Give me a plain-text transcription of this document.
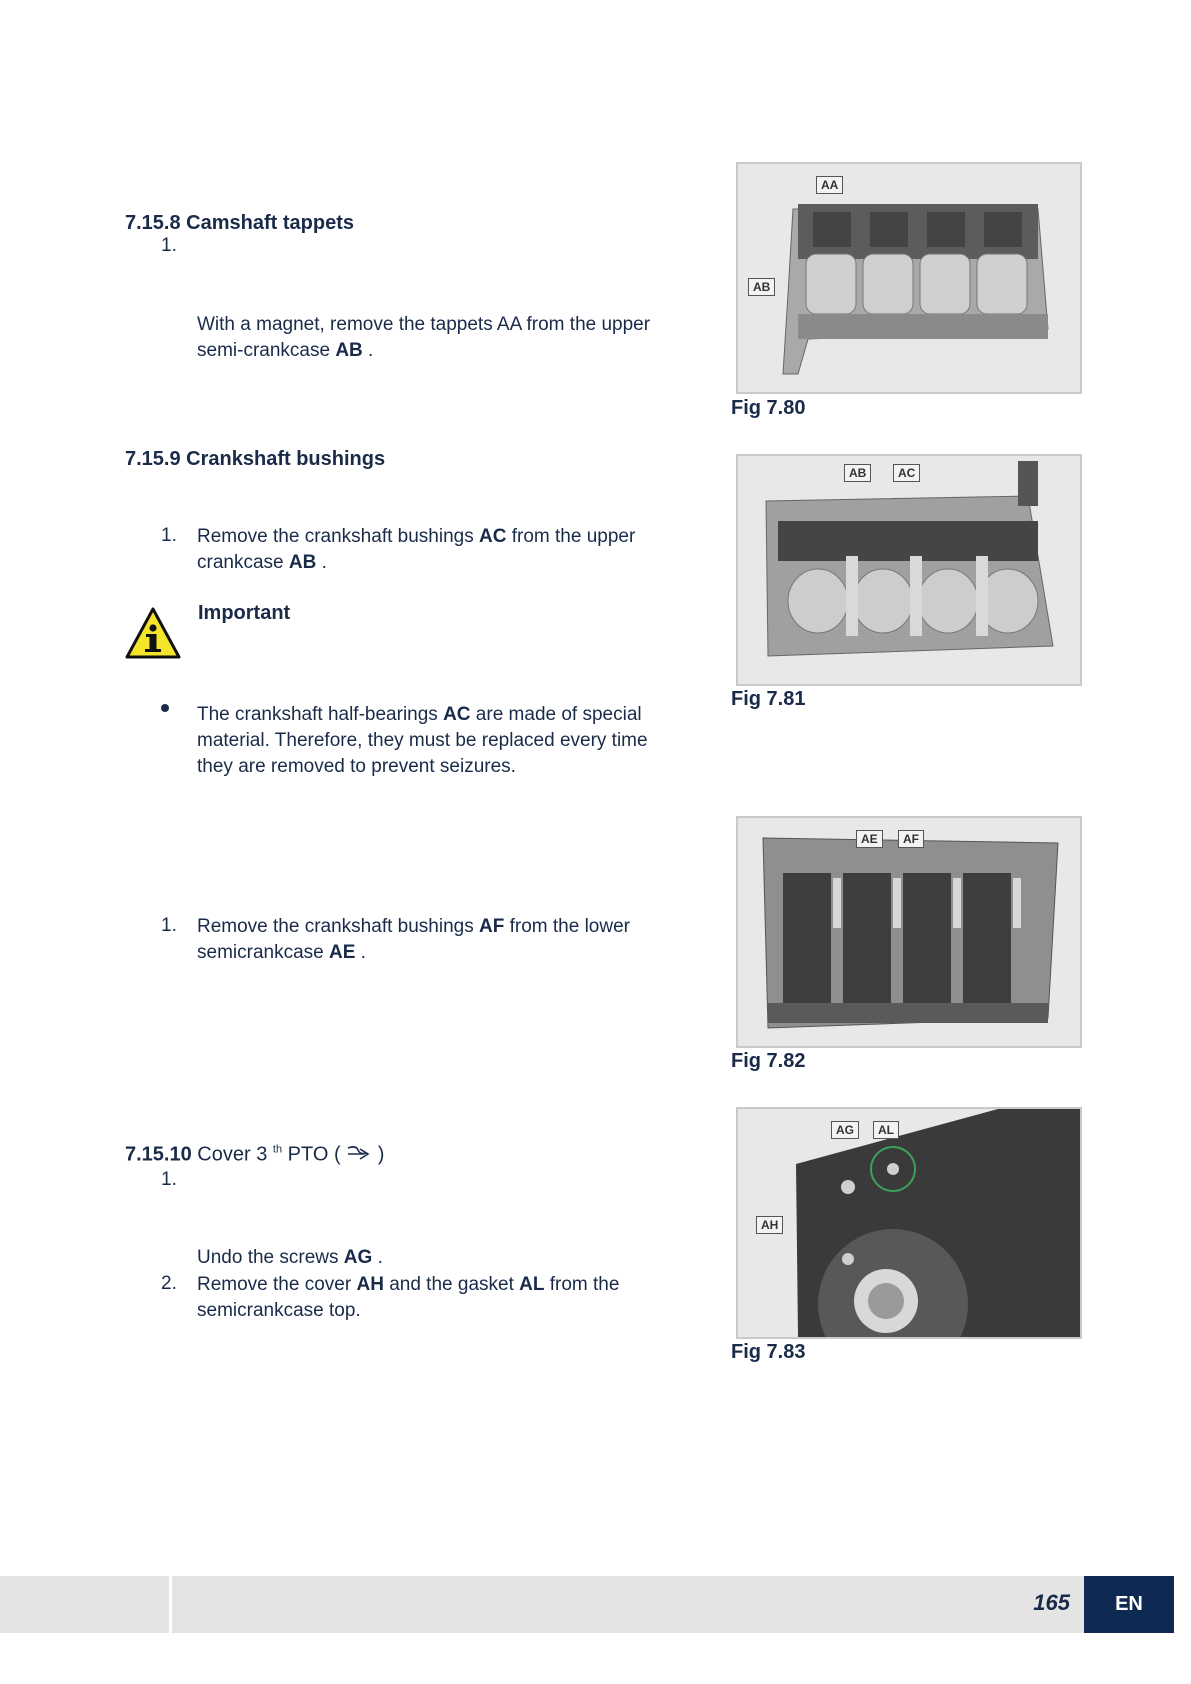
7.15.8 Camshaft tappets
1.
With a magnet, remove the tappets AA from the upper
semi-crankcase AB .
7.15.9 Crankshaft bushings
1. Remove the crankshaft bushings AC from the upper
crankcase AB .
Important
The crankshaft half-bearings AC are made of special
material. Therefore, they must be replaced every time
they are removed to prevent seizures.
1. Remove the crankshaft bushings AF from the lower
semicrankcase AE .
7.15.10 Cover 3 $^{th}$ PTO (  )
1.
Undo the screws AG .
2. Remove the cover AH and the gasket AL from the
semicrankcase top.
AA
AB
Fig 7.80
AB	AC
Fig 7.81
AE	AF
Fig 7.82
AG	AL
AH
Fig 7.83
165	EN
